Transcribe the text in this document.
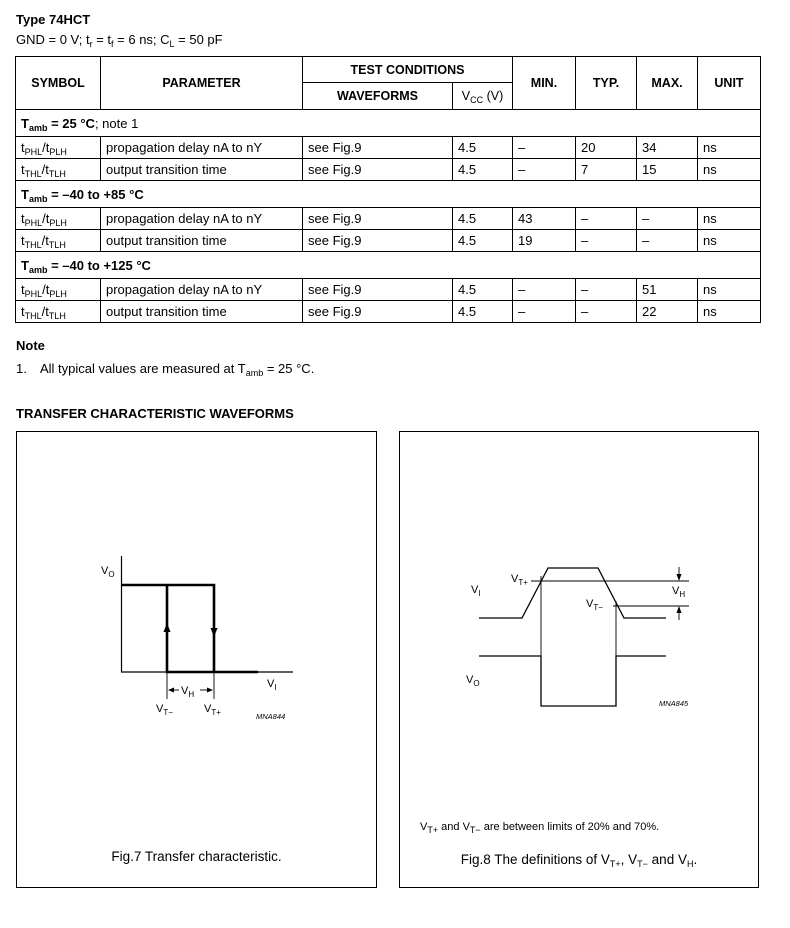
Type 74HCT
GND = 0 V; $t_r = t_f = 6$ ns; $C_L = 50$ pF
SYMBOL	PARAMETER	TEST CONDITIONS		MIN.	TYP.	MAX.	UNIT
		WAVEFORMS	$V_{CC}$ (V)				
$T_{amb} = 25$ °C; note 1							
$t_{PHL}/t_{PLH}$	propagation delay nA to nY	see Fig.9	4.5	–	20	34	ns
$t_{THL}/t_{TLH}$	output transition time	see Fig.9	4.5	–	7	15	ns
$T_{amb} = -40$ to +85 °C							
$t_{PHL}/t_{PLH}$	propagation delay nA to nY	see Fig.9	4.5	43	–	–	ns
$t_{THL}/t_{TLH}$	output transition time	see Fig.9	4.5	19	–	–	ns
$T_{amb} = -40$ to +125 °C							
$t_{PHL}/t_{PLH}$	propagation delay nA to nY	see Fig.9	4.5	–	–	51	ns
$t_{THL}/t_{TLH}$	output transition time	see Fig.9	4.5	–	–	22	ns
Note
1. All typical values are measured at $T_{amb} = 25$ °C.
TRANSFER CHARACTERISTIC WAVEFORMS
$V_O$
$V_I$
$V_H$
$V_{T-}$	$V_{T+}$	MNA844
Fig.7 Transfer characteristic.
$V_I$
$V_{T+}$
$V_{T-}$
$V_H$
$V_O$
MNA845
$V_{T+}$ and $V_{T-}$ are between limits of 20% and 70%.
Fig.8 The definitions of $V_{T+}$, $V_{T-}$ and $V_H$.
